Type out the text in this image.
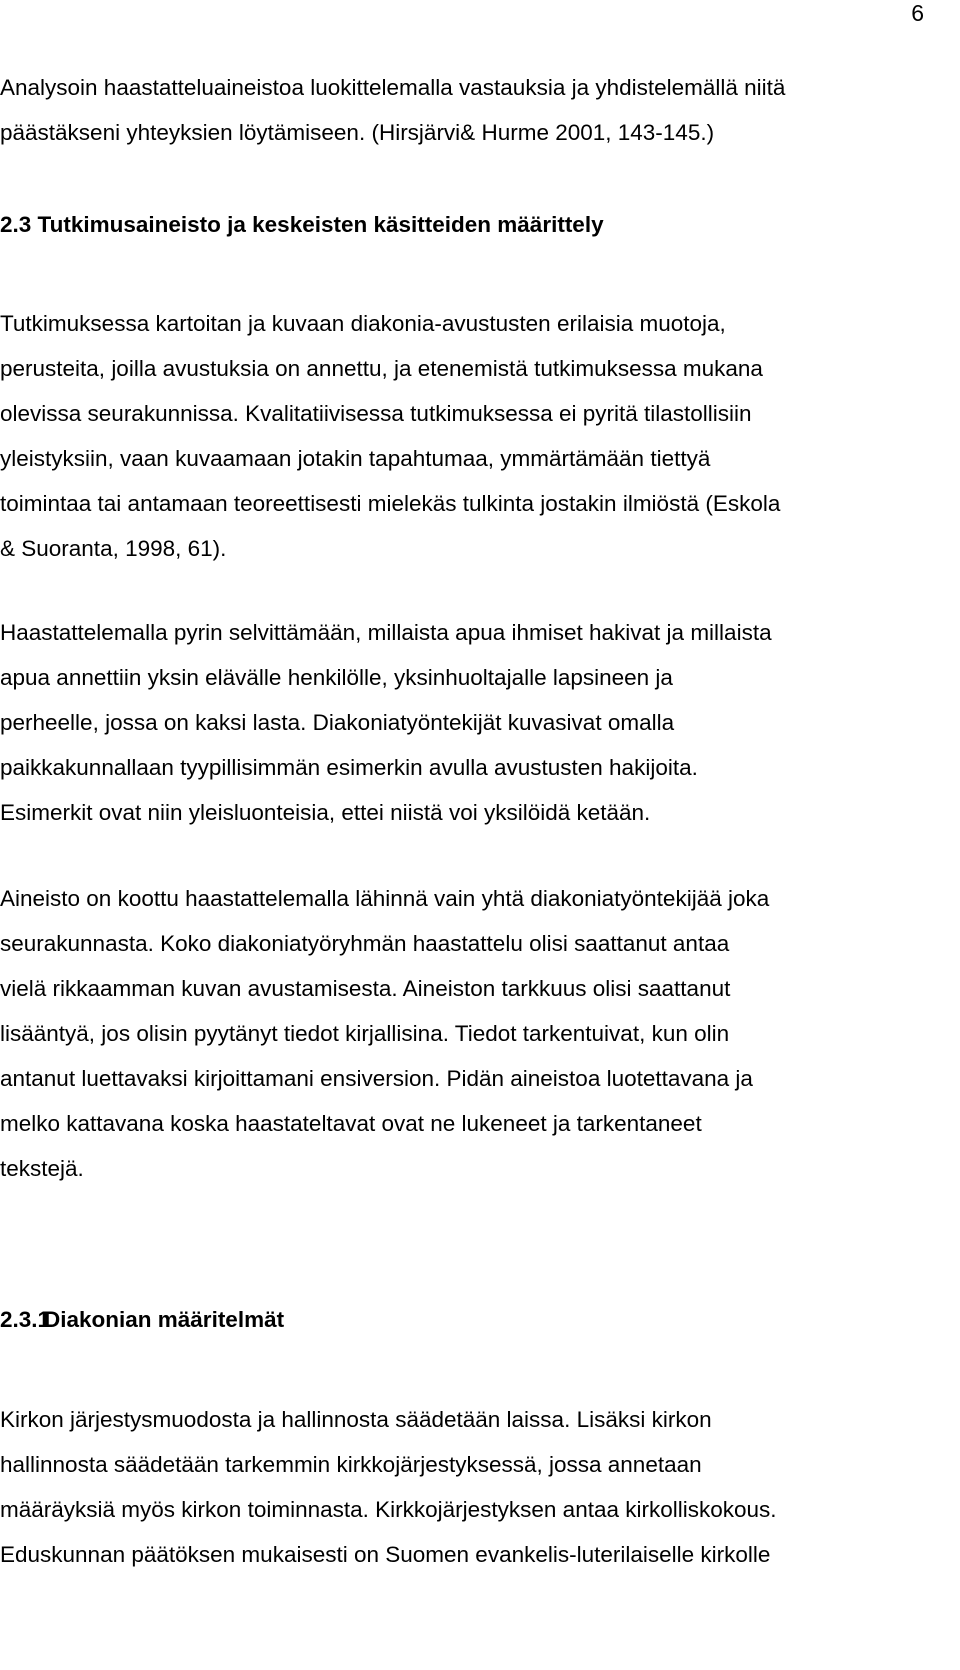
6

Analysoin haastatteluaineistoa luokittelemalla vastauksia ja yhdistelemällä niitä
päästäkseni yhteyksien löytämiseen. (Hirsjärvi& Hurme 2001, 143-145.)

2.3 Tutkimusaineisto ja keskeisten käsitteiden määrittely

Tutkimuksessa kartoitan ja kuvaan diakonia-avustusten erilaisia muotoja,
perusteita, joilla avustuksia on annettu, ja etenemistä tutkimuksessa mukana
olevissa seurakunnissa. Kvalitatiivisessa tutkimuksessa ei pyritä tilastollisiin
yleistyksiin, vaan kuvaamaan jotakin tapahtumaa, ymmärtämään tiettyä
toimintaa tai antamaan teoreettisesti mielekäs tulkinta jostakin ilmiöstä (Eskola
& Suoranta, 1998, 61).

Haastattelemalla pyrin selvittämään, millaista apua ihmiset hakivat ja millaista
apua annettiin yksin elävälle henkilölle, yksinhuoltajalle lapsineen ja
perheelle, jossa on kaksi lasta. Diakoniatyöntekijät kuvasivat omalla
paikkakunnallaan tyypillisimmän esimerkin avulla avustusten hakijoita.
Esimerkit ovat niin yleisluonteisia, ettei niistä voi yksilöidä ketään.

Aineisto on koottu haastattelemalla lähinnä vain yhtä diakoniatyöntekijää joka
seurakunnasta. Koko diakoniatyöryhmän haastattelu olisi saattanut antaa
vielä rikkaamman kuvan avustamisesta. Aineiston tarkkuus olisi saattanut
lisääntyä, jos olisin pyytänyt tiedot kirjallisina. Tiedot tarkentuivat, kun olin
antanut luettavaksi kirjoittamani ensiversion. Pidän aineistoa luotettavana ja
melko kattavana koska haastateltavat ovat ne lukeneet ja tarkentaneet
tekstejä.

2.3.1Diakonian määritelmät

Kirkon järjestysmuodosta ja hallinnosta säädetään laissa. Lisäksi kirkon
hallinnosta säädetään tarkemmin kirkkojärjestyksessä, jossa annetaan
määräyksiä myös kirkon toiminnasta. Kirkkojärjestyksen antaa kirkolliskokous.
Eduskunnan päätöksen mukaisesti on Suomen evankelis-luterilaiselle kirkolle
